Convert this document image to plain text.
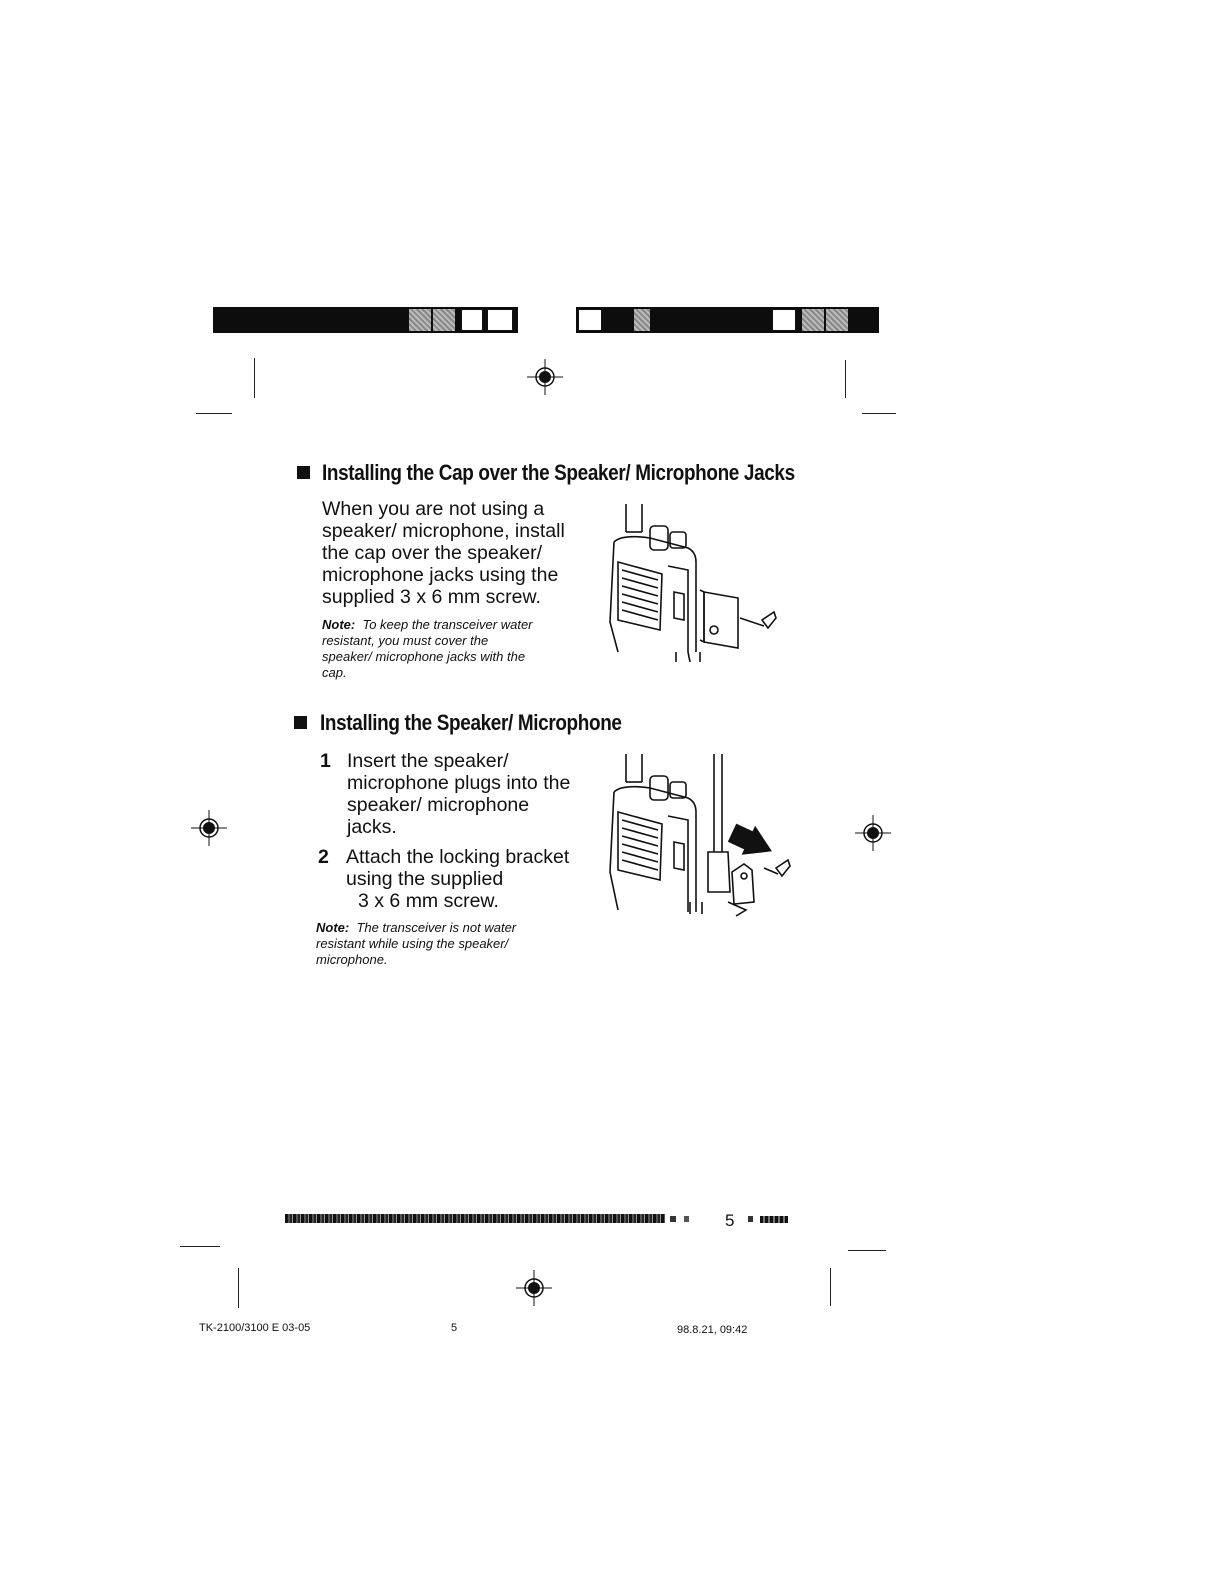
Installing the Cap over the Speaker/ Microphone Jacks
When you are not using a
speaker/ microphone, install
the cap over the speaker/
microphone jacks using the
supplied 3 x 6 mm screw.
Note: To keep the transceiver water
resistant, you must cover the
speaker/ microphone jacks with the
cap.
Installing the Speaker/ Microphone
1 Insert the speaker/
microphone plugs into the
speaker/ microphone
jacks.
2 Attach the locking bracket
using the supplied
3 x 6 mm screw.
Note: The transceiver is not water
resistant while using the speaker/
microphone.
5
TK-2100/3100 E 03-05	5	98.8.21, 09:42
